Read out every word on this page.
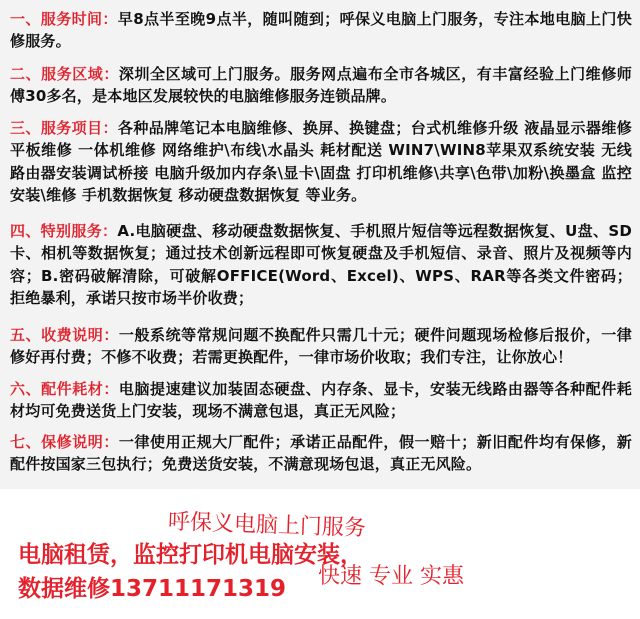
一、服务时间：早8点半至晚9点半，随叫随到；呼保义电脑上门服务，专注本地电脑上门快修服务。
二、服务区域：深圳全区域可上门服务。服务网点遍布全市各城区，有丰富经验上门维修师傅30多名，是本地区发展较快的电脑维修服务连锁品牌。
三、服务项目：各种品牌笔记本电脑维修、换屏、换键盘；台式机维修升级 液晶显示器维修 平板维修 一体机维修 网络维护\布线\水晶头 耗材配送 WIN7\WIN8苹果双系统安装 无线路由器安装调试桥接 电脑升级加内存条\显卡\固盘 打印机维修\共享\色带\加粉\换墨盒 监控安装\维修 手机数据恢复 移动硬盘数据恢复 等业务。
四、特别服务：A.电脑硬盘、移动硬盘数据恢复、手机照片短信等远程数据恢复、U盘、SD卡、相机等数据恢复；通过技术创新远程即可恢复硬盘及手机短信、录音、照片及视频等内容；B.密码破解清除，可破解OFFICE(Word、Excel)、WPS、RAR等各类文件密码；拒绝暴利，承诺只按市场半价收费；
五、收费说明：一般系统等常规问题不换配件只需几十元；硬件问题现场检修后报价，一律修好再付费；不修不收费；若需更换配件，一律市场价收取；我们专注，让你放心！
六、配件耗材：电脑提速建议加装固态硬盘、内存条、显卡，安装无线路由器等各种配件耗材均可免费送货上门安装，现场不满意包退，真正无风险；
七、保修说明：一律使用正规大厂配件；承诺正品配件，假一赔十；新旧配件均有保修，新配件按国家三包执行；免费送货安装，不满意现场包退，真正无风险。
呼保义电脑上门服务
电脑租赁，监控打印机电脑安装，
数据维修13711171319 快速 专业 实惠
